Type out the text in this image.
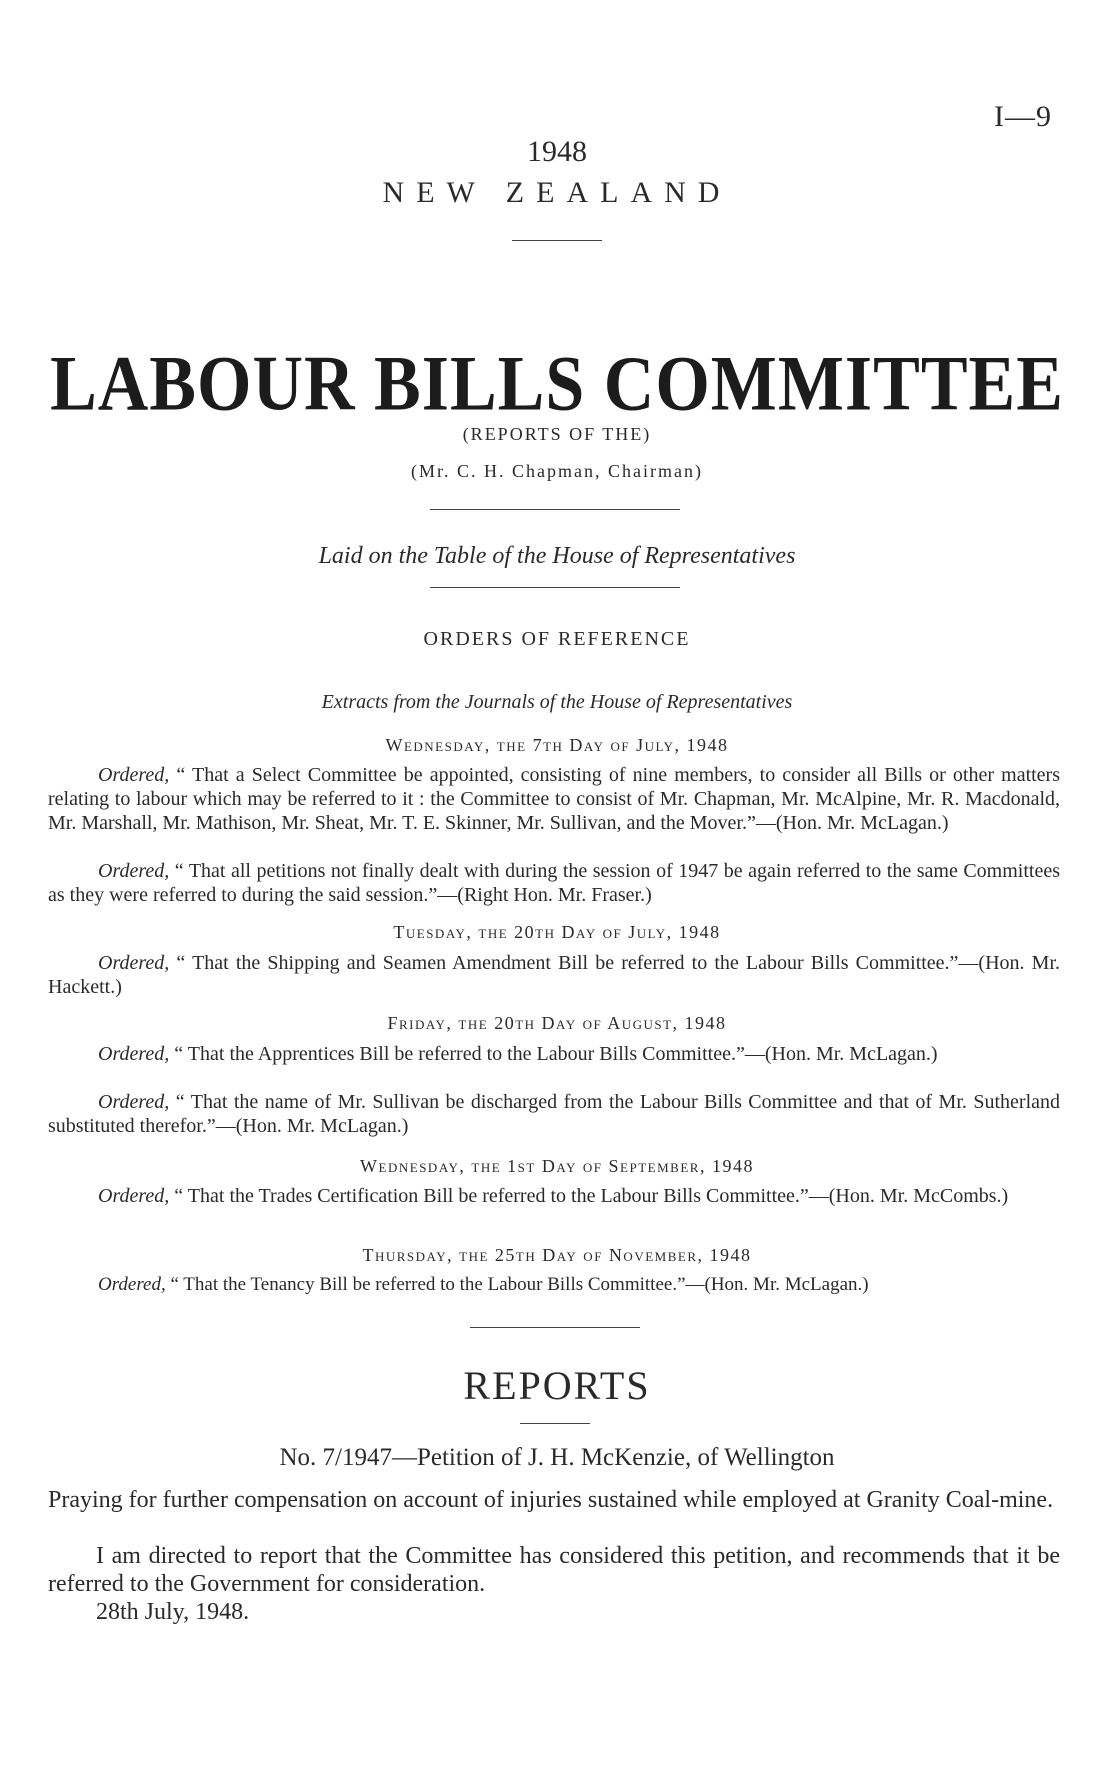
I—9
1948
NEW ZEALAND
LABOUR BILLS COMMITTEE
(REPORTS OF THE)
(Mr. C. H. Chapman, Chairman)
Laid on the Table of the House of Representatives
ORDERS OF REFERENCE
Extracts from the Journals of the House of Representatives
Wednesday, the 7th Day of July, 1948
Ordered, “ That a Select Committee be appointed, consisting of nine members, to consider all Bills or other matters relating to labour which may be referred to it : the Committee to consist of Mr. Chapman, Mr. McAlpine, Mr. R. Macdonald, Mr. Marshall, Mr. Mathison, Mr. Sheat, Mr. T. E. Skinner, Mr. Sullivan, and the Mover.”—(Hon. Mr. McLagan.)
Ordered, “ That all petitions not finally dealt with during the session of 1947 be again referred to the same Committees as they were referred to during the said session.”—(Right Hon. Mr. Fraser.)
Tuesday, the 20th Day of July, 1948
Ordered, “ That the Shipping and Seamen Amendment Bill be referred to the Labour Bills Committee.”—(Hon. Mr. Hackett.)
Friday, the 20th Day of August, 1948
Ordered, “ That the Apprentices Bill be referred to the Labour Bills Committee.”—(Hon. Mr. McLagan.)
Ordered, “ That the name of Mr. Sullivan be discharged from the Labour Bills Committee and that of Mr. Sutherland substituted therefor.”—(Hon. Mr. McLagan.)
Wednesday, the 1st Day of September, 1948
Ordered, “ That the Trades Certification Bill be referred to the Labour Bills Committee.”—(Hon. Mr. McCombs.)
Thursday, the 25th Day of November, 1948
Ordered, “ That the Tenancy Bill be referred to the Labour Bills Committee.”—(Hon. Mr. McLagan.)
REPORTS
No. 7/1947—Petition of J. H. McKenzie, of Wellington
Praying for further compensation on account of injuries sustained while employed at Granity Coal-mine.
I am directed to report that the Committee has considered this petition, and recommends that it be referred to the Government for consideration.
28th July, 1948.
